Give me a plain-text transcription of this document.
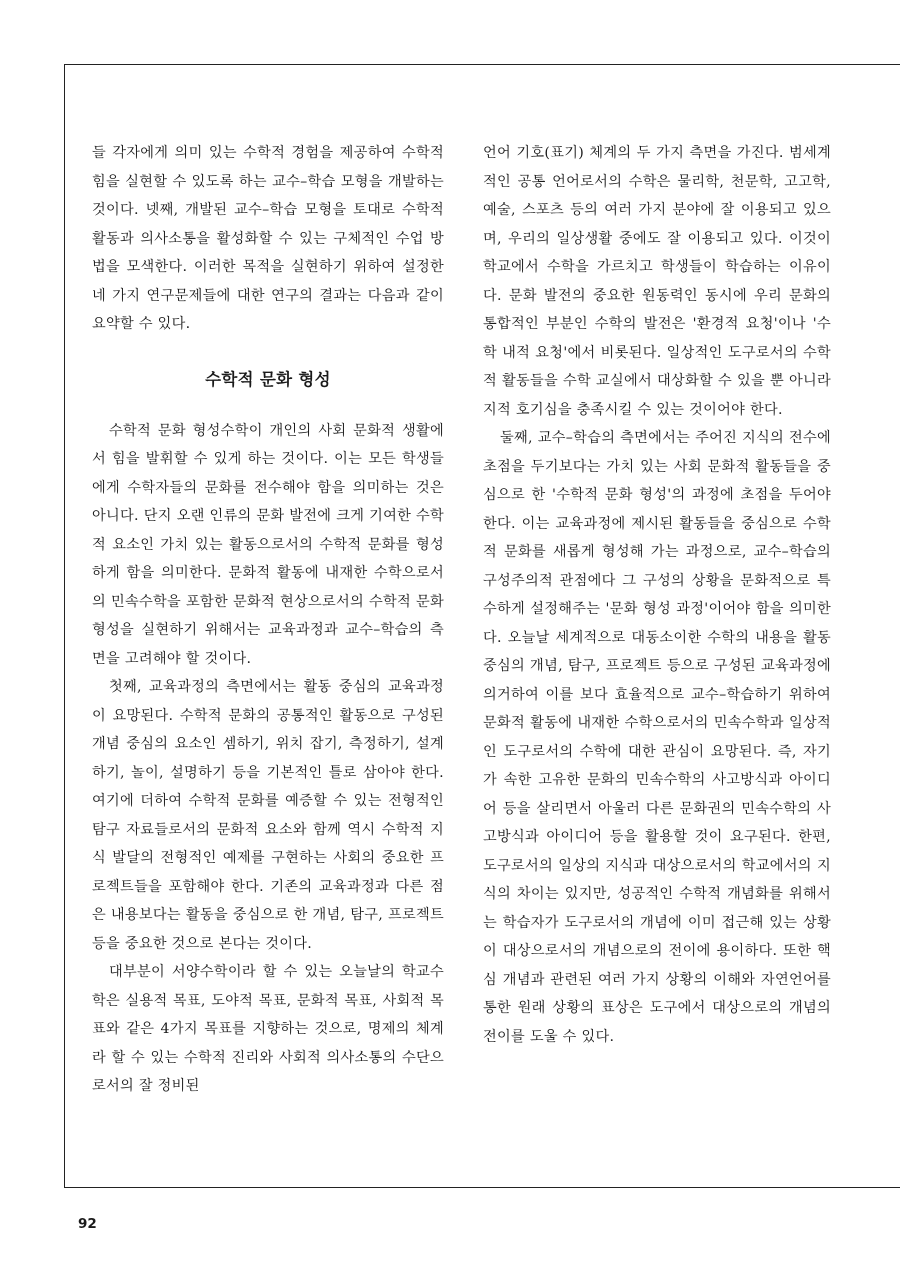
들 각자에게 의미 있는 수학적 경험을 제공하여 수학적 힘을 실현할 수 있도록 하는 교수–학습 모형을 개발하는 것이다. 넷째, 개발된 교수–학습 모형을 토대로 수학적 활동과 의사소통을 활성화할 수 있는 구체적인 수업 방법을 모색한다. 이러한 목적을 실현하기 위하여 설정한 네 가지 연구문제들에 대한 연구의 결과는 다음과 같이 요약할 수 있다.

수학적 문화 형성

수학적 문화 형성수학이 개인의 사회 문화적 생활에서 힘을 발휘할 수 있게 하는 것이다. 이는 모든 학생들에게 수학자들의 문화를 전수해야 함을 의미하는 것은 아니다. 단지 오랜 인류의 문화 발전에 크게 기여한 수학적 요소인 가치 있는 활동으로서의 수학적 문화를 형성하게 함을 의미한다. 문화적 활동에 내재한 수학으로서의 민속수학을 포함한 문화적 현상으로서의 수학적 문화 형성을 실현하기 위해서는 교육과정과 교수–학습의 측면을 고려해야 할 것이다.

첫째, 교육과정의 측면에서는 활동 중심의 교육과정이 요망된다. 수학적 문화의 공통적인 활동으로 구성된 개념 중심의 요소인 셈하기, 위치 잡기, 측정하기, 설계하기, 놀이, 설명하기 등을 기본적인 틀로 삼아야 한다. 여기에 더하여 수학적 문화를 예증할 수 있는 전형적인 탐구 자료들로서의 문화적 요소와 함께 역시 수학적 지식 발달의 전형적인 예제를 구현하는 사회의 중요한 프로젝트들을 포함해야 한다. 기존의 교육과정과 다른 점은 내용보다는 활동을 중심으로 한 개념, 탐구, 프로젝트 등을 중요한 것으로 본다는 것이다.

대부분이 서양수학이라 할 수 있는 오늘날의 학교수학은 실용적 목표, 도야적 목표, 문화적 목표, 사회적 목표와 같은 4가지 목표를 지향하는 것으로, 명제의 체계라 할 수 있는 수학적 진리와 사회적 의사소통의 수단으로서의 잘 정비된

언어 기호(표기) 체계의 두 가지 측면을 가진다. 범세계적인 공통 언어로서의 수학은 물리학, 천문학, 고고학, 예술, 스포츠 등의 여러 가지 분야에 잘 이용되고 있으며, 우리의 일상생활 중에도 잘 이용되고 있다. 이것이 학교에서 수학을 가르치고 학생들이 학습하는 이유이다. 문화 발전의 중요한 원동력인 동시에 우리 문화의 통합적인 부분인 수학의 발전은 '환경적 요청'이나 '수학 내적 요청'에서 비롯된다. 일상적인 도구로서의 수학적 활동들을 수학 교실에서 대상화할 수 있을 뿐 아니라 지적 호기심을 충족시킬 수 있는 것이어야 한다.

둘째, 교수–학습의 측면에서는 주어진 지식의 전수에 초점을 두기보다는 가치 있는 사회 문화적 활동들을 중심으로 한 '수학적 문화 형성'의 과정에 초점을 두어야 한다. 이는 교육과정에 제시된 활동들을 중심으로 수학적 문화를 새롭게 형성해 가는 과정으로, 교수–학습의 구성주의적 관점에다 그 구성의 상황을 문화적으로 특수하게 설정해주는 '문화 형성 과정'이어야 함을 의미한다. 오늘날 세계적으로 대동소이한 수학의 내용을 활동 중심의 개념, 탐구, 프로젝트 등으로 구성된 교육과정에 의거하여 이를 보다 효율적으로 교수–학습하기 위하여 문화적 활동에 내재한 수학으로서의 민속수학과 일상적인 도구로서의 수학에 대한 관심이 요망된다. 즉, 자기가 속한 고유한 문화의 민속수학의 사고방식과 아이디어 등을 살리면서 아울러 다른 문화권의 민속수학의 사고방식과 아이디어 등을 활용할 것이 요구된다. 한편, 도구로서의 일상의 지식과 대상으로서의 학교에서의 지식의 차이는 있지만, 성공적인 수학적 개념화를 위해서는 학습자가 도구로서의 개념에 이미 접근해 있는 상황이 대상으로서의 개념으로의 전이에 용이하다. 또한 핵심 개념과 관련된 여러 가지 상황의 이해와 자연언어를 통한 원래 상황의 표상은 도구에서 대상으로의 개념의 전이를 도울 수 있다.

92
